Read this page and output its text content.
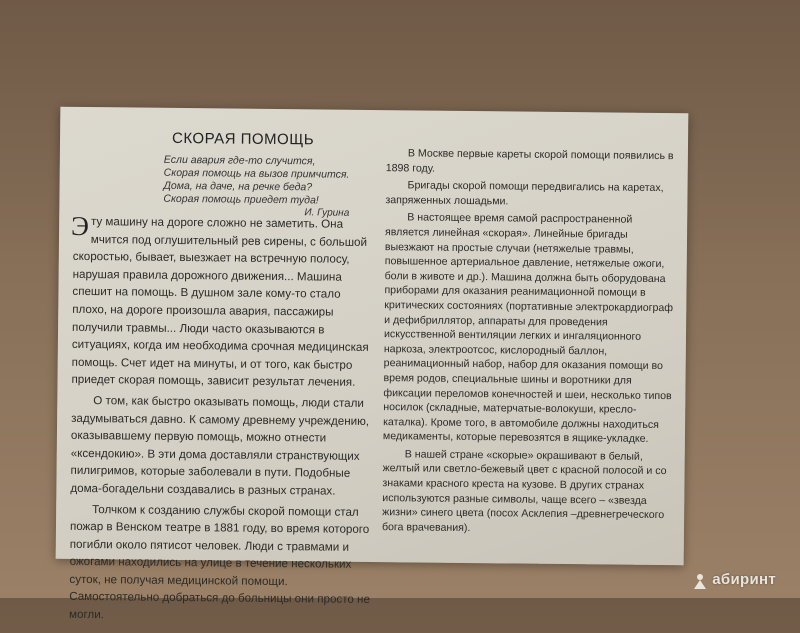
СКОРАЯ ПОМОЩЬ
Если авария где-то случится,
Скорая помощь на вызов примчится.
Дома, на даче, на речке беда?
Скорая помощь приедет туда!
И. Гурина

Э ту машину на дороге сложно не заметить. Она мчится под оглушительный рев сирены, с большой скоростью, бывает, выезжает на встречную полосу, нарушая правила дорожного движения... Машина спешит на помощь. В душном зале кому-то стало плохо, на дороге произошла авария, пассажиры получили травмы... Люди часто оказываются в ситуациях, когда им необходима срочная медицинская помощь. Счет идет на минуты, и от того, как быстро приедет скорая помощь, зависит результат лечения.

О том, как быстро оказывать помощь, люди стали задумываться давно. К самому древнему учреждению, оказывавшему первую помощь, можно отнести «ксендокию». В эти дома доставляли странствующих пилигримов, которые заболевали в пути. Подобные дома-богадельни создавались в разных странах.

Толчком к созданию службы скорой помощи стал пожар в Венском театре в 1881 году, во время которого погибли около пятисот человек. Люди с травмами и ожогами находились на улице в течение нескольких суток, не получая медицинской помощи. Самостоятельно добраться до больницы они просто не могли.

В Москве первые кареты скорой помощи появились в 1898 году.

Бригады скорой помощи передвигались на каретах, запряженных лошадьми.

В настоящее время самой распространенной является линейная «скорая». Линейные бригады выезжают на простые случаи (нетяжелые травмы, повышенное артериальное давление, нетяжелые ожоги, боли в животе и др.). Машина должна быть оборудована приборами для оказания реанимационной помощи в критических состояниях (портативные электрокардиограф и дефибриллятор, аппараты для проведения искусственной вентиляции легких и ингаляционного наркоза, электроотсос, кислородный баллон, реанимационный набор, набор для оказания помощи во время родов, специальные шины и воротники для фиксации переломов конечностей и шеи, несколько типов носилок (складные, матерчатые-волокуши, кресло-каталка). Кроме того, в автомобиле должны находиться медикаменты, которые перевозятся в ящике-укладке.

В нашей стране «скорые» окрашивают в белый, желтый или светло-бежевый цвет с красной полосой и со знаками красного креста на кузове. В других странах используются разные символы, чаще всего – «звезда жизни» синего цвета (посох Асклепия –древнегреческого бога врачевания).

абиринт
